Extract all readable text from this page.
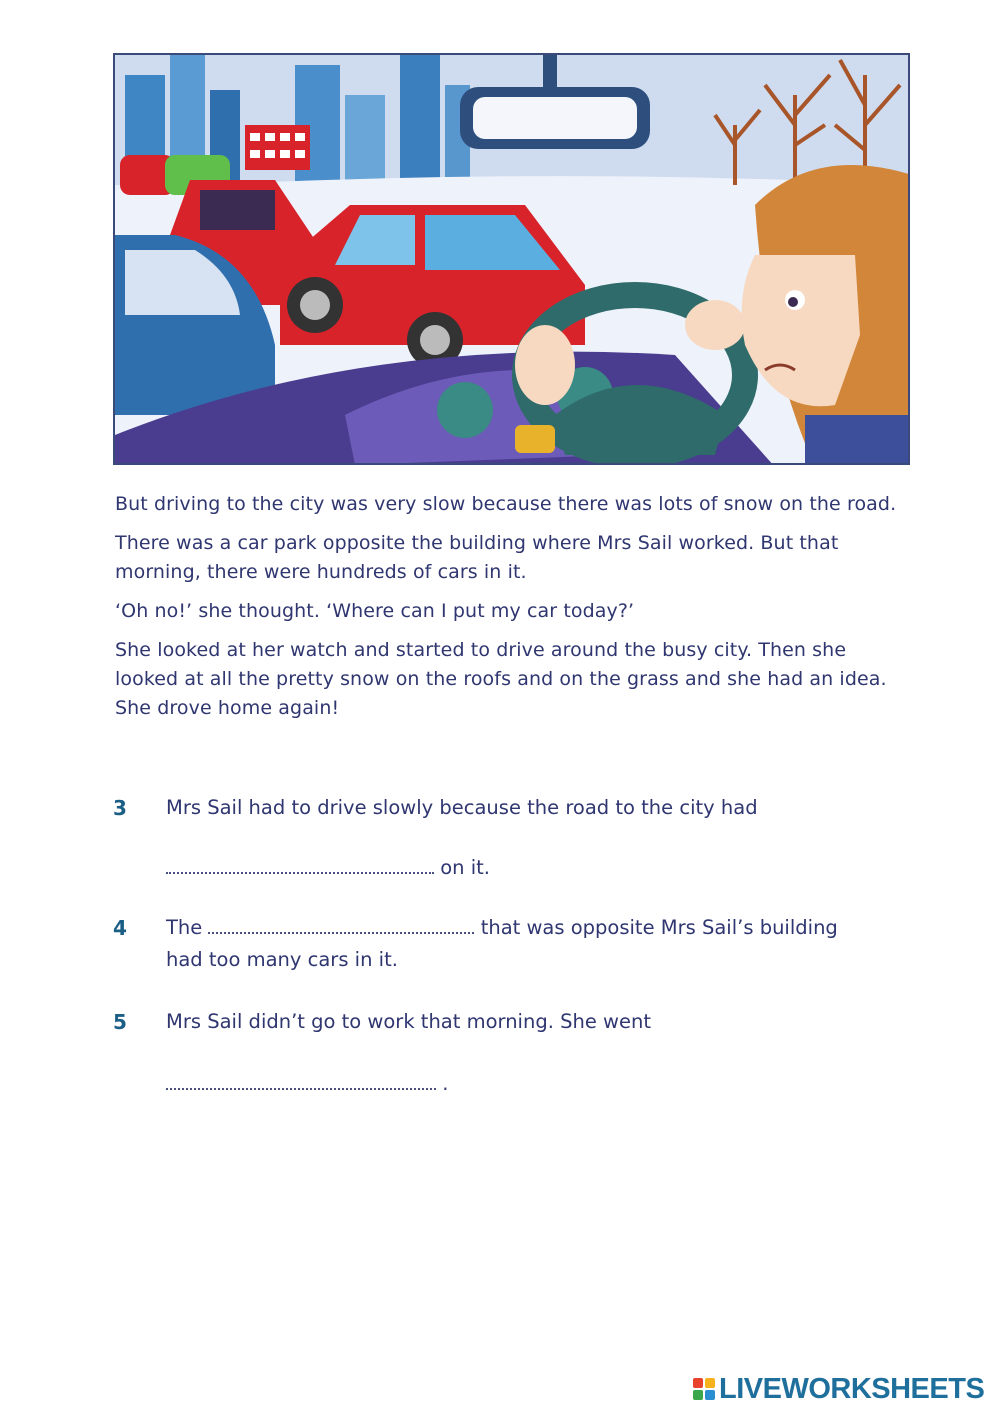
But driving to the city was very slow because there was lots of snow on the road.

There was a car park opposite the building where Mrs Sail worked. But that morning, there were hundreds of cars in it.

‘Oh no!’ she thought. ‘Where can I put my car today?’

She looked at her watch and started to drive around the busy city. Then she looked at all the pretty snow on the roofs and on the grass and she had an idea. She drove home again!

3 Mrs Sail had to drive slowly because the road to the city had
on it.
4 The	that was opposite Mrs Sail’s building
had too many cars in it.
5 Mrs Sail didn’t go to work that morning. She went
.
LIVEWORKSHEETS
